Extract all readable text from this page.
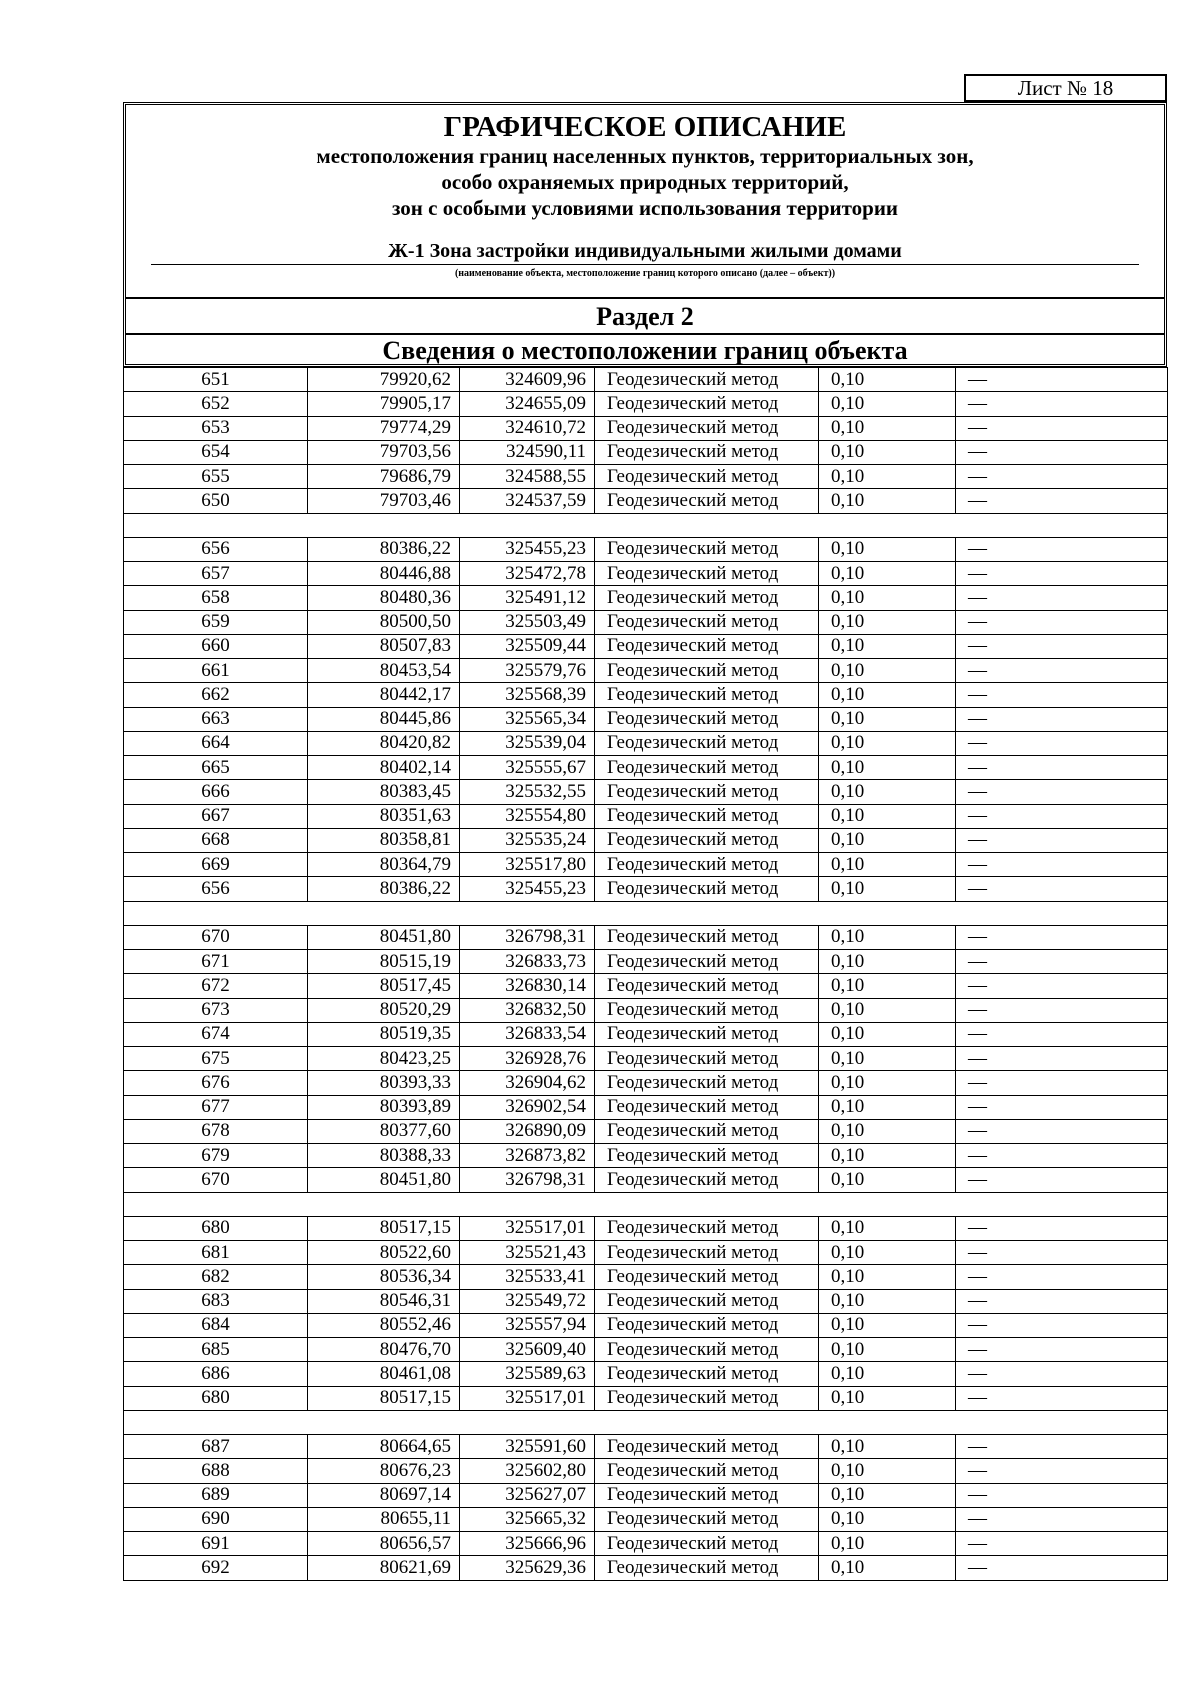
Лист № 18
ГРАФИЧЕСКОЕ ОПИСАНИЕ
местоположения границ населенных пунктов, территориальных зон,
особо охраняемых природных территорий,
зон с особыми условиями использования территории
Ж-1 Зона застройки индивидуальными жилыми домами
(наименование объекта, местоположение границ которого описано (далее – объект))
Раздел 2
Сведения о местоположении границ объекта
651	79920,62	324609,96	Геодезический метод	0,10	—
652	79905,17	324655,09	Геодезический метод	0,10	—
653	79774,29	324610,72	Геодезический метод	0,10	—
654	79703,56	324590,11	Геодезический метод	0,10	—
655	79686,79	324588,55	Геодезический метод	0,10	—
650	79703,46	324537,59	Геодезический метод	0,10	—

656	80386,22	325455,23	Геодезический метод	0,10	—
657	80446,88	325472,78	Геодезический метод	0,10	—
658	80480,36	325491,12	Геодезический метод	0,10	—
659	80500,50	325503,49	Геодезический метод	0,10	—
660	80507,83	325509,44	Геодезический метод	0,10	—
661	80453,54	325579,76	Геодезический метод	0,10	—
662	80442,17	325568,39	Геодезический метод	0,10	—
663	80445,86	325565,34	Геодезический метод	0,10	—
664	80420,82	325539,04	Геодезический метод	0,10	—
665	80402,14	325555,67	Геодезический метод	0,10	—
666	80383,45	325532,55	Геодезический метод	0,10	—
667	80351,63	325554,80	Геодезический метод	0,10	—
668	80358,81	325535,24	Геодезический метод	0,10	—
669	80364,79	325517,80	Геодезический метод	0,10	—
656	80386,22	325455,23	Геодезический метод	0,10	—

670	80451,80	326798,31	Геодезический метод	0,10	—
671	80515,19	326833,73	Геодезический метод	0,10	—
672	80517,45	326830,14	Геодезический метод	0,10	—
673	80520,29	326832,50	Геодезический метод	0,10	—
674	80519,35	326833,54	Геодезический метод	0,10	—
675	80423,25	326928,76	Геодезический метод	0,10	—
676	80393,33	326904,62	Геодезический метод	0,10	—
677	80393,89	326902,54	Геодезический метод	0,10	—
678	80377,60	326890,09	Геодезический метод	0,10	—
679	80388,33	326873,82	Геодезический метод	0,10	—
670	80451,80	326798,31	Геодезический метод	0,10	—

680	80517,15	325517,01	Геодезический метод	0,10	—
681	80522,60	325521,43	Геодезический метод	0,10	—
682	80536,34	325533,41	Геодезический метод	0,10	—
683	80546,31	325549,72	Геодезический метод	0,10	—
684	80552,46	325557,94	Геодезический метод	0,10	—
685	80476,70	325609,40	Геодезический метод	0,10	—
686	80461,08	325589,63	Геодезический метод	0,10	—
680	80517,15	325517,01	Геодезический метод	0,10	—

687	80664,65	325591,60	Геодезический метод	0,10	—
688	80676,23	325602,80	Геодезический метод	0,10	—
689	80697,14	325627,07	Геодезический метод	0,10	—
690	80655,11	325665,32	Геодезический метод	0,10	—
691	80656,57	325666,96	Геодезический метод	0,10	—
692	80621,69	325629,36	Геодезический метод	0,10	—
